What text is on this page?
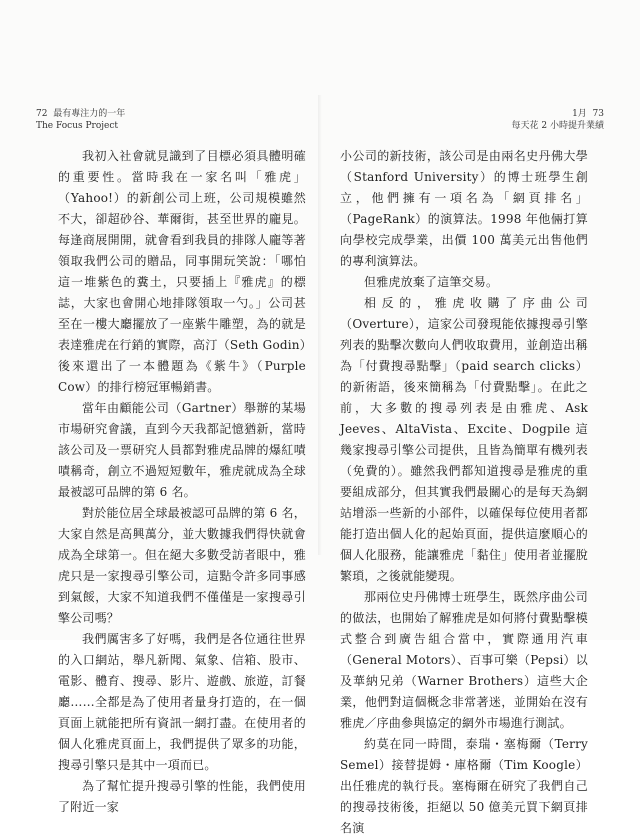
72 最有專注力的一年
The Focus Project
1月 73
每天花 2 小時提升業績

我初入社會就見識到了目標必須具體明確的重要性。當時我在一家名叫「雅虎」（Yahoo!）的新創公司上班，公司規模雖然不大，卻超砂谷、華爾街，甚至世界的龐見。每逢商展開開，就會看到我員的排隊人龐等著領取我們公司的贈品，同事開玩笑說：「哪怕這一堆紫色的糞土，只要插上『雅虎』的標誌，大家也會開心地排隊領取一勺。」公司甚至在一樓大廳擺放了一座紫牛雕塑，為的就是表達雅虎在行銷的實際，高汀（Seth Godin）後來還出了一本體題為《紫牛》（Purple Cow）的排行榜冠軍暢銷書。

當年由顧能公司（Gartner）舉辦的某場市場研究會議，直到今天我都記憶猶新，當時該公司及一票研究人員都對雅虎品牌的爆紅嘖嘖稱奇，創立不過短短數年，雅虎就成為全球最被認可品牌的第 6 名。

對於能位居全球最被認可品牌的第 6 名，大家自然是高興萬分，並大數據我們得快就會成為全球第一。但在絕大多數受訪者眼中，雅虎只是一家搜尋引擎公司，這點令許多同事感到氣餒，大家不知道我們不僅僅是一家搜尋引擎公司嗎？

我們厲害多了好嗎，我們是各位通往世界的入口網站，舉凡新聞、氣象、信箱、股市、電影、體育、搜尋、影片、遊戲、旅遊，訂餐廳……全都是為了使用者量身打造的，在一個頁面上就能把所有資訊一網打盡。在使用者的個人化雅虎頁面上，我們提供了眾多的功能，搜尋引擎只是其中一項而已。

為了幫忙提升搜尋引擎的性能，我們使用了附近一家

小公司的新技術，該公司是由兩名史丹佛大學（Stanford University）的博士班學生創立，他們擁有一項名為「網頁排名」（PageRank）的演算法。1998 年他倆打算向學校完成學業，出價 100 萬美元出售他們的專利演算法。

但雅虎放棄了這筆交易。

相反的，雅虎收購了序曲公司（Overture），這家公司發現能依據搜尋引擎列表的點擊次數向人們收取費用，並創造出稱為「付費搜尋點擊」（paid search clicks）的新術語，後來簡稱為「付費點擊」。在此之前，大多數的搜尋列表是由雅虎、Ask Jeeves、AltaVista、Excite、Dogpile 這幾家搜尋引擎公司提供，且皆為簡單有機列表（免費的）。雖然我們都知道搜尋是雅虎的重要組成部分，但其實我們最關心的是每天為網站增添一些新的小部件，以確保每位使用者都能打造出個人化的起始頁面，提供這麼順心的個人化服務，能讓雅虎「黏住」使用者並擺脫繁瑣，之後就能變現。

那兩位史丹佛博士班學生，既然序曲公司的做法，也開始了解雅虎是如何將付費點擊模式整合到廣告組合當中，實際通用汽車（General Motors）、百事可樂（Pepsi）以及華納兄弟（Warner Brothers）這些大企業，他們對這個概念非常著迷，並開始在沒有雅虎／序曲參與協定的網外市場進行測試。

約莫在同一時間，泰瑞・塞梅爾（Terry Semel）接替提姆・庫格爾（Tim Koogle）出任雅虎的執行長。塞梅爾在研究了我們自己的搜尋技術後，拒絕以 50 億美元買下網頁排名演
